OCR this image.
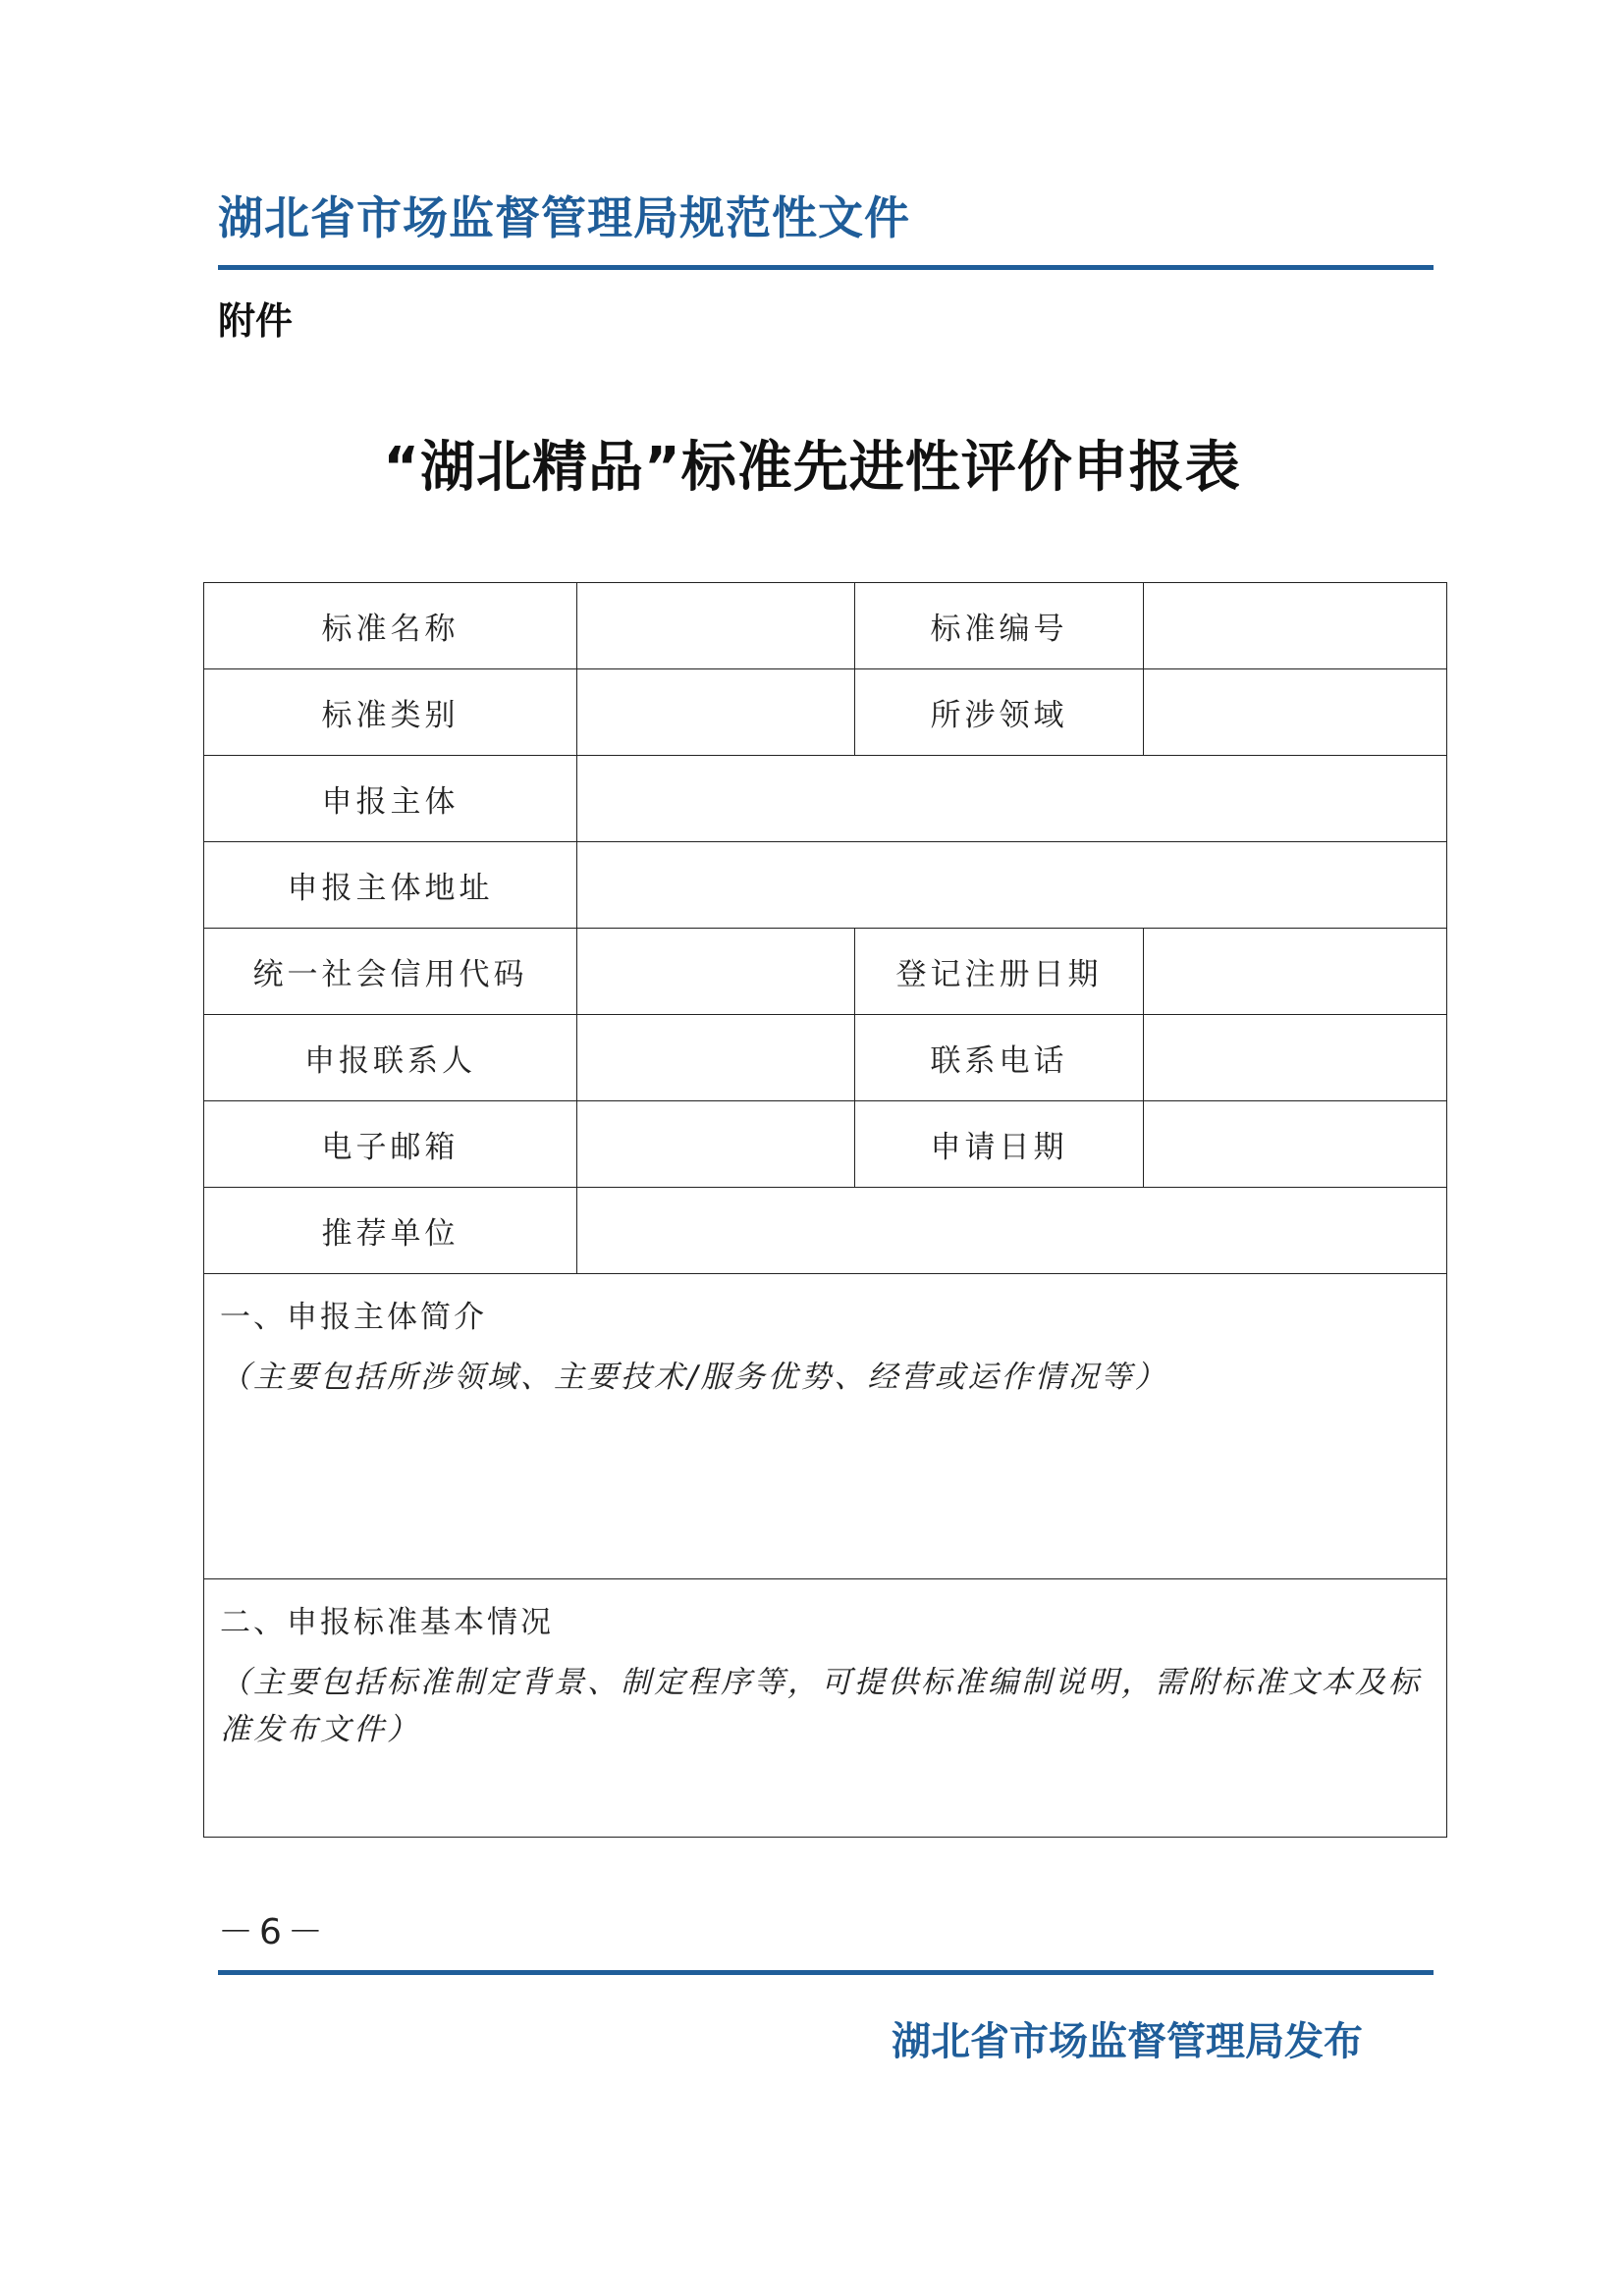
湖北省市场监督管理局规范性文件
附件
“湖北精品”标准先进性评价申报表
标准名称		标准编号	
标准类别		所涉领域	
申报主体			
申报主体地址			
统一社会信用代码		登记注册日期	
申报联系人		联系电话	
电子邮箱		申请日期	
推荐单位			

一、申报主体简介
（主要包括所涉领域、主要技术/服务优势、经营或运作情况等）			

二、申报标准基本情况
（主要包括标准制定背景、制定程序等，可提供标准编制说明，需附标准文本及标准发布文件）			
－6－
湖北省市场监督管理局发布
